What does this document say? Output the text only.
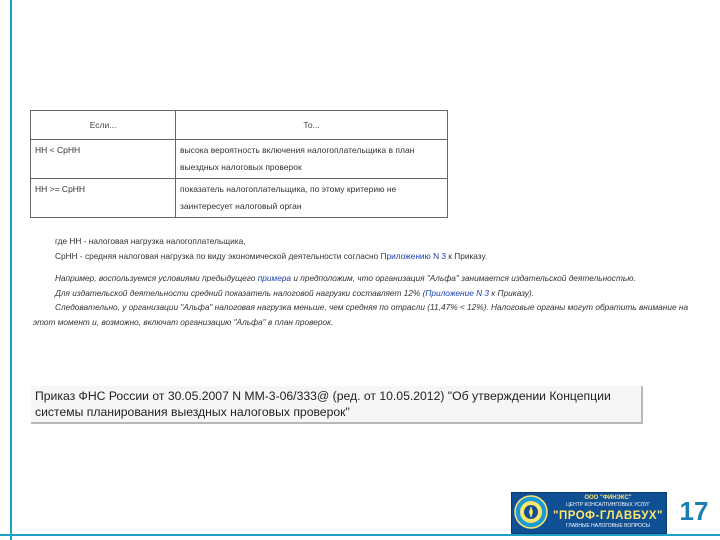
Если...	То...
НН < СрНН	высока вероятность включения налогоплательщика в план выездных налоговых проверок
НН >= СрНН	показатель налогоплательщика, по этому критерию не заинтересует налоговый орган

где НН - налоговая нагрузка налогоплательщика,

СрНН - средняя налоговая нагрузка по виду экономической деятельности согласно Приложению N 3 к Приказу.

Например, воспользуемся условиями предыдущего примера и предположим, что организация "Альфа" занимается издательской деятельностью.

Для издательской деятельности средний показатель налоговой нагрузки составляет 12% (Приложение N 3 к Приказу).

Следовательно, у организации "Альфа" налоговая нагрузка меньше, чем средняя по отрасли (11,47% < 12%). Налоговые органы могут обратить внимание на этот момент и, возможно, включат организацию "Альфа" в план проверок.

Приказ ФНС России от 30.05.2007 N ММ-3-06/333@ (ред. от 10.05.2012) "Об утверждении Концепции системы планирования выездных налоговых проверок"
ООО "ФИНЭКС"
ЦЕНТР КОНСАЛТИНГОВЫХ УСЛУГ
"ПРОФ-ГЛАВБУХ"
ГЛАВНЫЕ НАЛОГОВЫЕ ВОПРОСЫ	17
